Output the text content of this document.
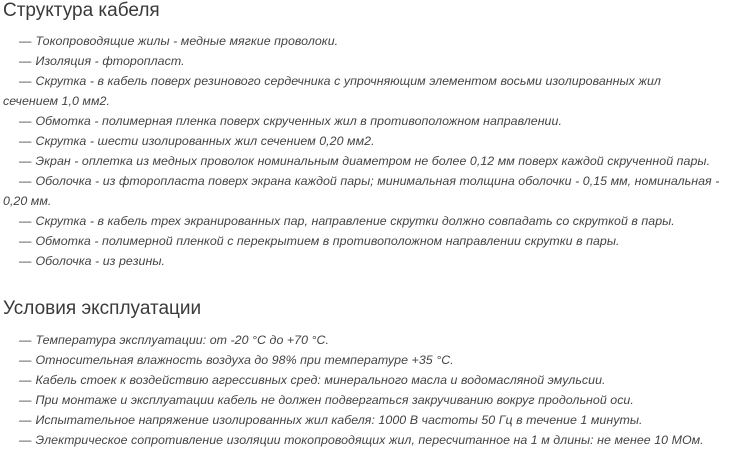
Структура кабеля
— Токопроводящие жилы - медные мягкие проволоки.
— Изоляция - фторопласт.
— Скрутка - в кабель поверх резинового сердечника с упрочняющим элементом восьми изолированных жил
сечением 1,0 мм2.
— Обмотка - полимерная пленка поверх скрученных жил в противоположном направлении.
— Скрутка - шести изолированных жил сечением 0,20 мм2.
— Экран - оплетка из медных проволок номинальным диаметром не более 0,12 мм поверх каждой скрученной пары.
— Оболочка - из фторопласта поверх экрана каждой пары; минимальная толщина оболочки - 0,15 мм, номинальная -
0,20 мм.
— Скрутка - в кабель трех экранированных пар, направление скрутки должно совпадать со скруткой в пары.
— Обмотка - полимерной пленкой с перекрытием в противоположном направлении скрутки в пары.
— Оболочка - из резины.
Условия эксплуатации
— Температура эксплуатации: от -20 °С до +70 °С.
— Относительная влажность воздуха до 98% при температуре +35 °С.
— Кабель стоек к воздействию агрессивных сред: минерального масла и водомасляной эмульсии.
— При монтаже и эксплуатации кабель не должен подвергаться закручиванию вокруг продольной оси.
— Испытательное напряжение изолированных жил кабеля: 1000 В частоты 50 Гц в течение 1 минуты.
— Электрическое сопротивление изоляции токопроводящих жил, пересчитанное на 1 м длины: не менее 10 МОм.
